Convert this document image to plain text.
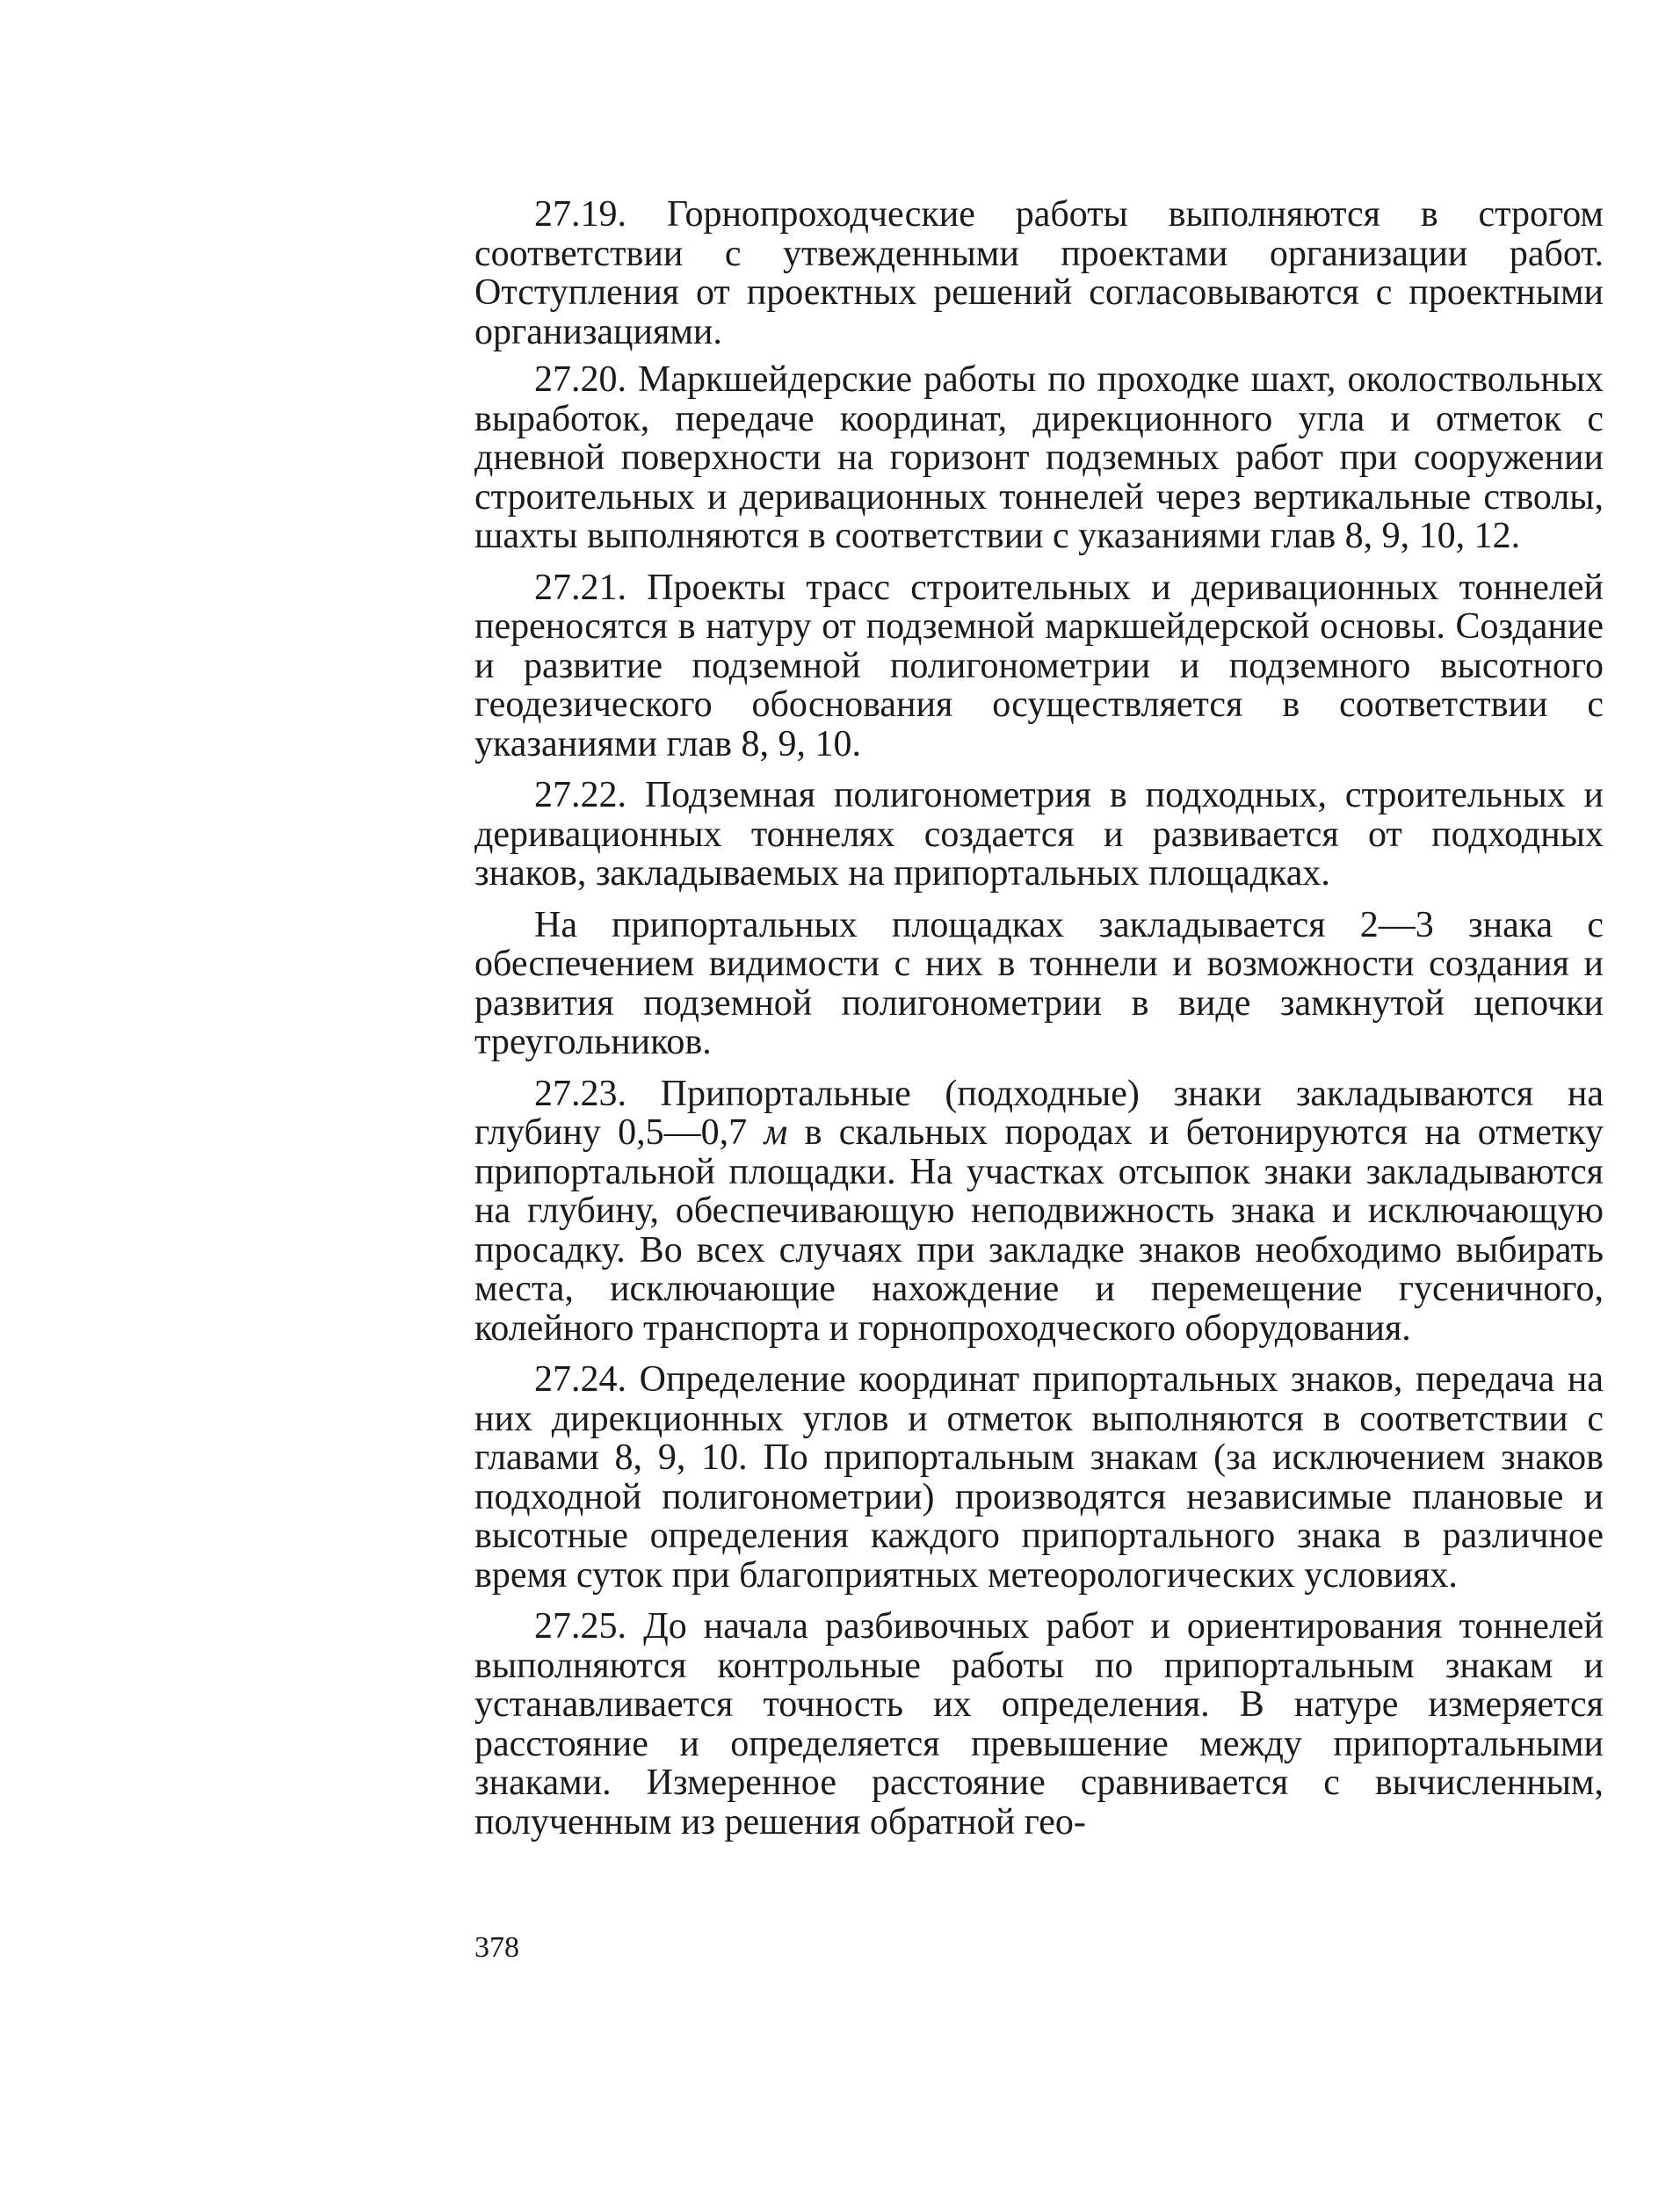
27.19. Горнопроходческие работы выполняются в строгом соответствии с утвежденными проектами организации работ. Отступления от проектных решений согласовываются с проектными организациями.

27.20. Маркшейдерские работы по проходке шахт, околоствольных выработок, передаче координат, дирекционного угла и отметок с дневной поверхности на горизонт подземных работ при сооружении строительных и деривационных тоннелей через вертикальные стволы, шахты выполняются в соответствии с указаниями глав 8, 9, 10, 12.

27.21. Проекты трасс строительных и деривационных тоннелей переносятся в натуру от подземной маркшейдерской основы. Создание и развитие подземной полигонометрии и подземного высотного геодезического обоснования осуществляется в соответствии с указаниями глав 8, 9, 10.

27.22. Подземная полигонометрия в подходных, строительных и деривационных тоннелях создается и развивается от подходных знаков, закладываемых на припортальных площадках.

На припортальных площадках закладывается 2—3 знака с обеспечением видимости с них в тоннели и возможности создания и развития подземной полигонометрии в виде замкнутой цепочки треугольников.

27.23. Припортальные (подходные) знаки закладываются на глубину 0,5—0,7 м в скальных породах и бетонируются на отметку припортальной площадки. На участках отсыпок знаки закладываются на глубину, обеспечивающую неподвижность знака и исключающую просадку. Во всех случаях при закладке знаков необходимо выбирать места, исключающие нахождение и перемещение гусеничного, колейного транспорта и горнопроходческого оборудования.

27.24. Определение координат припортальных знаков, передача на них дирекционных углов и отметок выполняются в соответствии с главами 8, 9, 10. По припортальным знакам (за исключением знаков подходной полигонометрии) производятся независимые плановые и высотные определения каждого припортального знака в различное время суток при благоприятных метеорологических условиях.

27.25. До начала разбивочных работ и ориентирования тоннелей выполняются контрольные работы по припортальным знакам и устанавливается точность их определения. В натуре измеряется расстояние и определяется превышение между припортальными знаками. Измеренное расстояние сравнивается с вычисленным, полученным из решения обратной гео-

378
